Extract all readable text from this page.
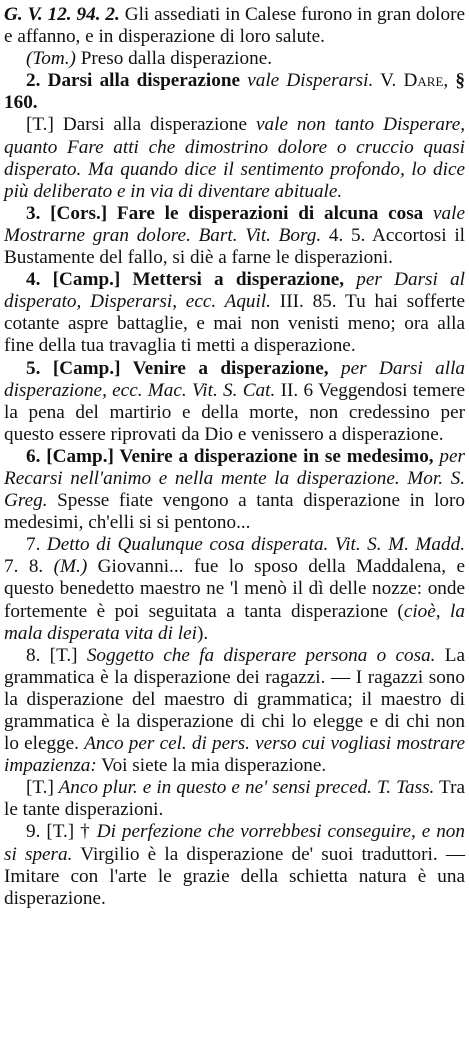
G. V. 12. 94. 2. Gli assediati in Calese furono in gran dolore e affanno, e in disperazione di loro salute.

(Tom.) Preso dalla disperazione.

2. Darsi alla disperazione vale Disperarsi. V. Dare, § 160.

[T.] Darsi alla disperazione vale non tanto Disperare, quanto Fare atti che dimostrino dolore o cruccio quasi disperato. Ma quando dice il sentimento profondo, lo dice più deliberato e in via di diventare abituale.

3. [Cors.] Fare le disperazioni di alcuna cosa vale Mostrarne gran dolore. Bart. Vit. Borg. 4. 5. Accortosi il Bustamente del fallo, si diè a farne le disperazioni.

4. [Camp.] Mettersi a disperazione, per Darsi al disperato, Disperarsi, ecc. Aquil. III. 85. Tu hai sofferte cotante aspre battaglie, e mai non venisti meno; ora alla fine della tua travaglia ti metti a disperazione.

5. [Camp.] Venire a disperazione, per Darsi alla disperazione, ecc. Mac. Vit. S. Cat. II. 6 Veggendosi temere la pena del martirio e della morte, non credessino per questo essere riprovati da Dio e venissero a disperazione.

6. [Camp.] Venire a disperazione in se medesimo, per Recarsi nell'animo e nella mente la disperazione. Mor. S. Greg. Spesse fiate vengono a tanta disperazione in loro medesimi, ch'elli si si pentono...

7. Detto di Qualunque cosa disperata. Vit. S. M. Madd. 7. 8. (M.) Giovanni... fue lo sposo della Maddalena, e questo benedetto maestro ne 'l menò il dì delle nozze: onde fortemente è poi seguitata a tanta disperazione (cioè, la mala disperata vita di lei).

8. [T.] Soggetto che fa disperare persona o cosa. La grammatica è la disperazione dei ragazzi. — I ragazzi sono la disperazione del maestro di grammatica; il maestro di grammatica è la disperazione di chi lo elegge e di chi non lo elegge. Anco per cel. di pers. verso cui vogliasi mostrare impazienza: Voi siete la mia disperazione.

[T.] Anco plur. e in questo e ne' sensi preced. T. Tass. Tra le tante disperazioni.

9. [T.] † Di perfezione che vorrebbesi conseguire, e non si spera. Virgilio è la disperazione de' suoi traduttori. — Imitare con l'arte le grazie della schietta natura è una disperazione.
